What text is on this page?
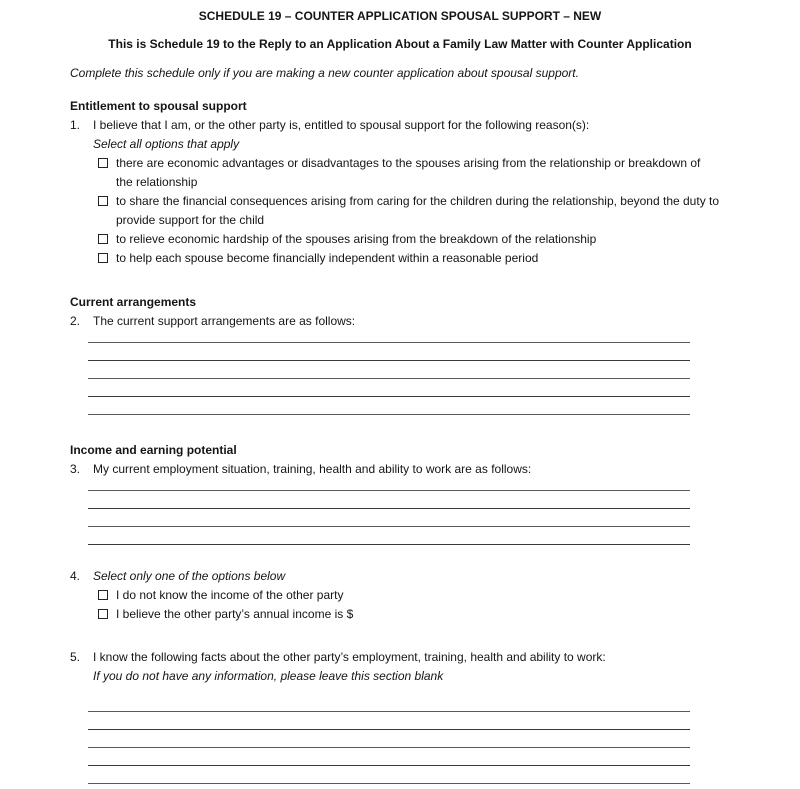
SCHEDULE 19 – COUNTER APPLICATION SPOUSAL SUPPORT – NEW
This is Schedule 19 to the Reply to an Application About a Family Law Matter with Counter Application
Complete this schedule only if you are making a new counter application about spousal support.
Entitlement to spousal support
1.	I believe that I am, or the other party is, entitled to spousal support for the following reason(s):
Select all options that apply
there are economic advantages or disadvantages to the spouses arising from the relationship or breakdown of the relationship
to share the financial consequences arising from caring for the children during the relationship, beyond the duty to provide support for the child
to relieve economic hardship of the spouses arising from the breakdown of the relationship
to help each spouse become financially independent within a reasonable period
Current arrangements
2.	The current support arrangements are as follows:
Income and earning potential
3.	My current employment situation, training, health and ability to work are as follows:
4.	Select only one of the options below
I do not know the income of the other party
I believe the other party’s annual income is $
5.	I know the following facts about the other party’s employment, training, health and ability to work:
If you do not have any information, please leave this section blank
